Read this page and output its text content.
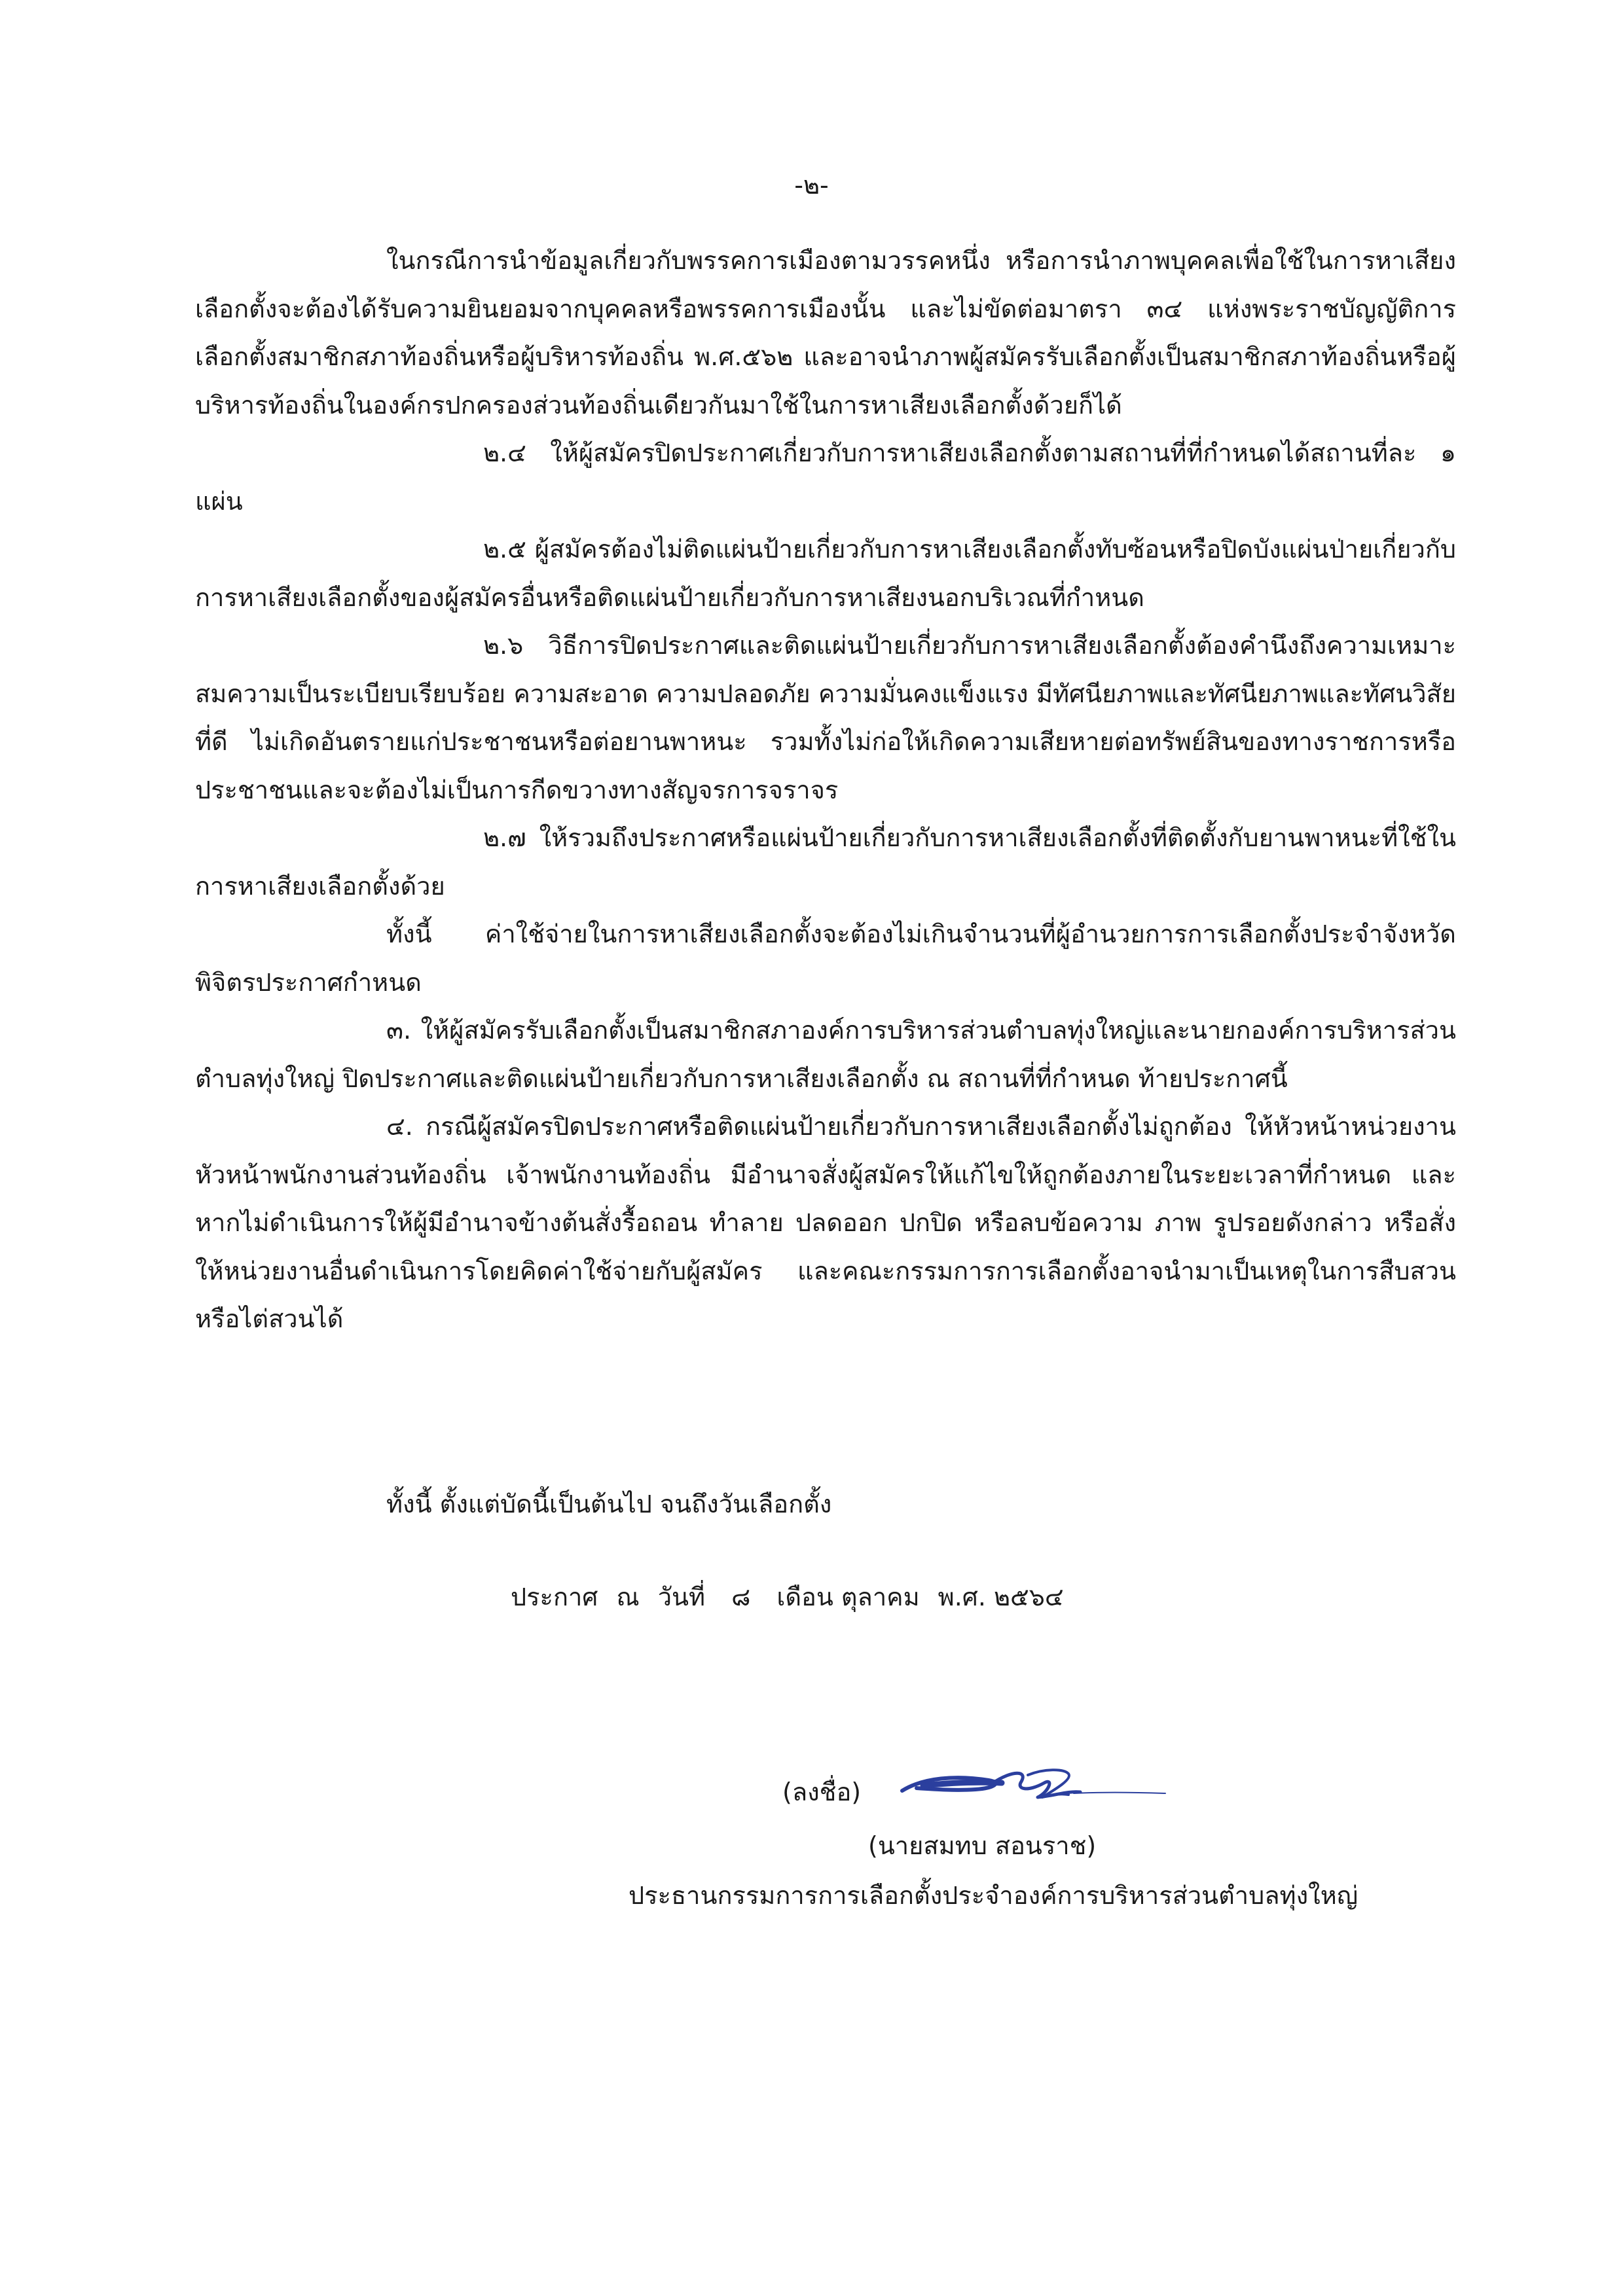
-๒-

ในกรณีการนำข้อมูลเกี่ยวกับพรรคการเมืองตามวรรคหนึ่ง หรือการนำภาพบุคคลเพื่อใช้ในการหาเสียงเลือกตั้งจะต้องได้รับความยินยอมจากบุคคลหรือพรรคการเมืองนั้น และไม่ขัดต่อมาตรา ๓๔ แห่งพระราชบัญญัติการเลือกตั้งสมาชิกสภาท้องถิ่นหรือผู้บริหารท้องถิ่น พ.ศ.๕๖๒ และอาจนำภาพผู้สมัครรับเลือกตั้งเป็นสมาชิกสภาท้องถิ่นหรือผู้บริหารท้องถิ่นในองค์กรปกครองส่วนท้องถิ่นเดียวกันมาใช้ในการหาเสียงเลือกตั้งด้วยก็ได้

๒.๔ ให้ผู้สมัครปิดประกาศเกี่ยวกับการหาเสียงเลือกตั้งตามสถานที่ที่กำหนดได้สถานที่ละ ๑ แผ่น

๒.๕ ผู้สมัครต้องไม่ติดแผ่นป้ายเกี่ยวกับการหาเสียงเลือกตั้งทับซ้อนหรือปิดบังแผ่นป่ายเกี่ยวกับการหาเสียงเลือกตั้งของผู้สมัครอื่นหรือติดแผ่นป้ายเกี่ยวกับการหาเสียงนอกบริเวณที่กำหนด

๒.๖ วิธีการปิดประกาศและติดแผ่นป้ายเกี่ยวกับการหาเสียงเลือกตั้งต้องคำนึงถึงความเหมาะสมความเป็นระเบียบเรียบร้อย ความสะอาด ความปลอดภัย ความมั่นคงแข็งแรง มีทัศนียภาพและทัศนียภาพและทัศนวิสัยที่ดี ไม่เกิดอันตรายแก่ประชาชนหรือต่อยานพาหนะ รวมทั้งไม่ก่อให้เกิดความเสียหายต่อทรัพย์สินของทางราชการหรือประชาชนและจะต้องไม่เป็นการกีดขวางทางสัญจรการจราจร

๒.๗ ให้รวมถึงประกาศหรือแผ่นป้ายเกี่ยวกับการหาเสียงเลือกตั้งที่ติดตั้งกับยานพาหนะที่ใช้ในการหาเสียงเลือกตั้งด้วย

ทั้งนี้ ค่าใช้จ่ายในการหาเสียงเลือกตั้งจะต้องไม่เกินจำนวนที่ผู้อำนวยการการเลือกตั้งประจำจังหวัดพิจิตรประกาศกำหนด

๓. ให้ผู้สมัครรับเลือกตั้งเป็นสมาชิกสภาองค์การบริหารส่วนตำบลทุ่งใหญ่และนายกองค์การบริหารส่วนตำบลทุ่งใหญ่ ปิดประกาศและติดแผ่นป้ายเกี่ยวกับการหาเสียงเลือกตั้ง ณ สถานที่ที่กำหนด ท้ายประกาศนี้

๔. กรณีผู้สมัครปิดประกาศหรือติดแผ่นป้ายเกี่ยวกับการหาเสียงเลือกตั้งไม่ถูกต้อง ให้หัวหน้าหน่วยงาน หัวหน้าพนักงานส่วนท้องถิ่น เจ้าพนักงานท้องถิ่น มีอำนาจสั่งผู้สมัครให้แก้ไขให้ถูกต้องภายในระยะเวลาที่กำหนด และหากไม่ดำเนินการให้ผู้มีอำนาจข้างต้นสั่งรื้อถอน ทำลาย ปลดออก ปกปิด หรือลบข้อความ ภาพ รูปรอยดังกล่าว หรือสั่งให้หน่วยงานอื่นดำเนินการโดยคิดค่าใช้จ่ายกับผู้สมัคร และคณะกรรมการการเลือกตั้งอาจนำมาเป็นเหตุในการสืบสวนหรือไต่สวนได้

ทั้งนี้ ตั้งแต่บัดนี้เป็นต้นไป จนถึงวันเลือกตั้ง
ประกาศ ณ วันที่ ๘ เดือน ตุลาคม พ.ศ. ๒๕๖๔
(ลงชื่อ)
(นายสมทบ สอนราช)
ประธานกรรมการการเลือกตั้งประจำองค์การบริหารส่วนตำบลทุ่งใหญ่
